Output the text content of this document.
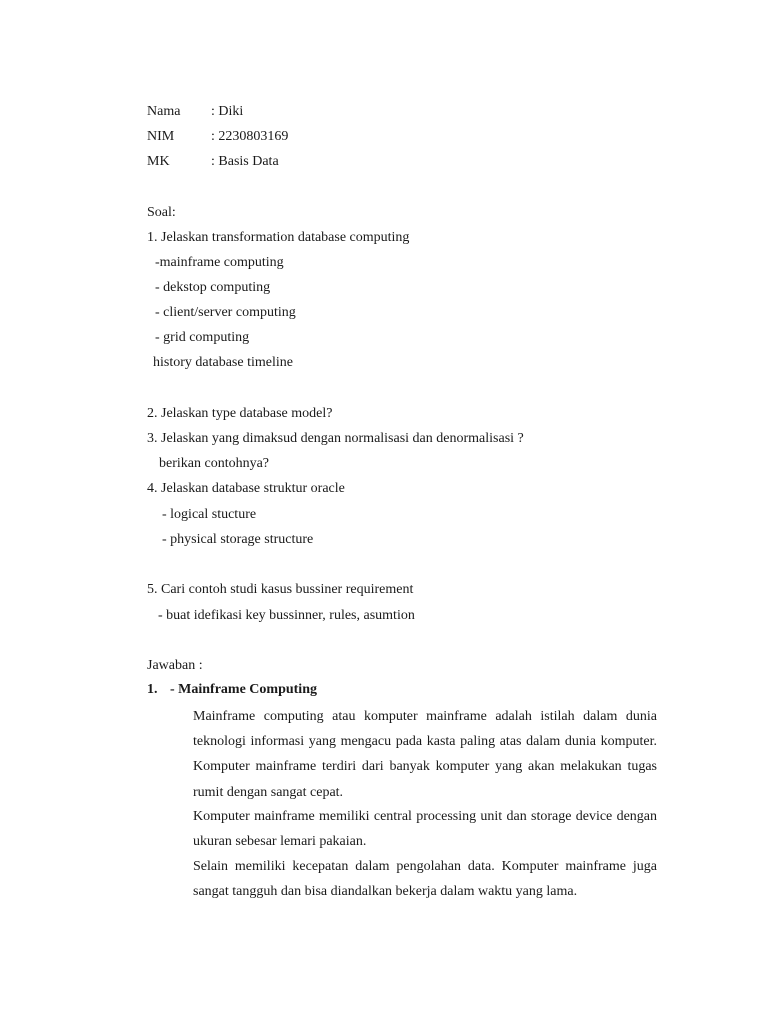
Nama : Diki
NIM	: 2230803169
MK	: Basis Data
Soal:
1. Jelaskan transformation database computing
-mainframe computing
- dekstop computing
- client/server computing
- grid computing
history database timeline
2. Jelaskan type database model?
3. Jelaskan yang dimaksud dengan normalisasi dan denormalisasi ?
berikan contohnya?
4. Jelaskan database struktur oracle
- logical stucture
- physical storage structure
5. Cari contoh studi kasus bussiner requirement
- buat idefikasi key bussinner, rules, asumtion
Jawaban :
1. - Mainframe Computing
Mainframe computing atau komputer mainframe adalah istilah dalam dunia teknologi informasi yang mengacu pada kasta paling atas dalam dunia komputer. Komputer mainframe terdiri dari banyak komputer yang akan melakukan tugas rumit dengan sangat cepat.
Komputer mainframe memiliki central processing unit dan storage device dengan ukuran sebesar lemari pakaian.
Selain memiliki kecepatan dalam pengolahan data. Komputer mainframe juga sangat tangguh dan bisa diandalkan bekerja dalam waktu yang lama.
